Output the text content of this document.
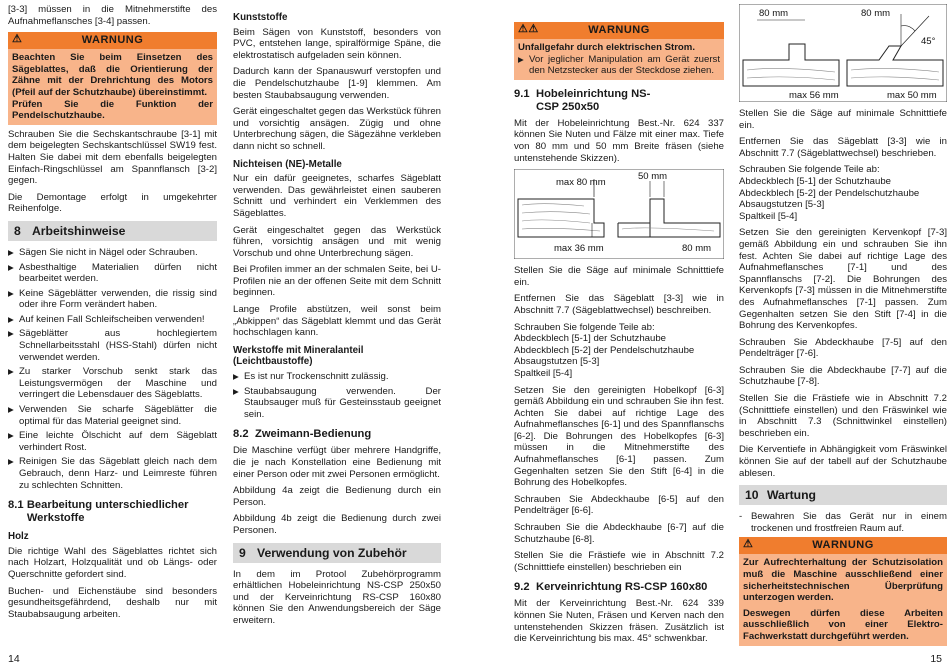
[3-3] müssen in die Mitnehmerstifte des Aufnahmeflansches [3-4] passen.

⚠	WARNUNG

Beachten Sie beim Einsetzen des Sägeblattes, daß die Orientierung der Zähne mit der Drehrichtung des Motors (Pfeil auf der Schutzhaube) übereinstimmt.

Prüfen Sie die Funktion der Pendelschutzhaube.

Schrauben Sie die Sechskantschraube [3-1] mit dem beigelegten Sechskantschlüssel SW19 fest. Halten Sie dabei mit dem ebenfalls beigelegten Einfach-Ringschlüssel am Spannflansch [3-2] gegen.

Die Demontage erfolgt in umgekehrter Reihenfolge.

8 Arbeitshinweise
▶ Sägen Sie nicht in Nägel oder Schrauben.
▶ Asbesthaltige Materialien dürfen nicht bearbeitet werden.
▶ Keine Sägeblätter verwenden, die rissig sind oder ihre Form verändert haben.
▶ Auf keinen Fall Schleifscheiben verwenden!
▶ Sägeblätter aus hochlegiertem Schnellarbeitsstahl (HSS-Stahl) dürfen nicht verwendet werden.
▶ Zu starker Vorschub senkt stark das Leistungsvermögen der Maschine und verringert die Lebensdauer des Sägeblatts.
▶ Verwenden Sie scharfe Sägeblätter die optimal für das Material geeignet sind.
▶ Eine leichte Ölschicht auf dem Sägeblatt verhindert Rost.
▶ Reinigen Sie das Sägeblatt gleich nach dem Gebrauch, denn Harz- und Leimreste führen zu schlechten Schnitten.
8.1 Bearbeitung unterschiedlicher Werkstoffe
Holz

Die richtige Wahl des Sägeblattes richtet sich nach Holzart, Holzqualität und ob Längs- oder Querschnitte gefordert sind.

Buchen- und Eichenstäube sind besonders gesundheitsgefährdend, deshalb nur mit Staubabsaugung arbeiten.

Kunststoffe

Beim Sägen von Kunststoff, besonders von PVC, entstehen lange, spiralförmige Späne, die elektrostatisch aufgeladen sein können.

Dadurch kann der Spanauswurf verstopfen und die Pendelschutzhaube [1-9] klemmen. Am besten Staubabsaugung verwenden.

Gerät eingeschaltet gegen das Werkstück führen und vorsichtig ansägen. Zügig und ohne Unterbrechung sägen, die Sägezähne verkleben dann nicht so schnell.

Nichteisen (NE)-Metalle

Nur ein dafür geeignetes, scharfes Sägeblatt verwenden. Das gewährleistet einen sauberen Schnitt und verhindert ein Verklemmen des Sägeblattes.

Gerät eingeschaltet gegen das Werkstück führen, vorsichtig ansägen und mit wenig Vorschub und ohne Unterbrechung sägen.

Bei Profilen immer an der schmalen Seite, bei U-Profilen nie an der offenen Seite mit dem Schnitt beginnen.

Lange Profile abstützen, weil sonst beim „Abkippen“ das Sägeblatt klemmt und das Gerät hochschlagen kann.

Werkstoffe mit Mineralanteil (Leichtbaustoffe)
▶ Es ist nur Trockenschnitt zulässig.
▶ Staubabsaugung verwenden. Der Staubsauger muß für Gesteinsstaub geeignet sein.
8.2 Zweimann-Bedienung

Die Maschine verfügt über mehrere Handgriffe, die je nach Konstellation eine Bedienung mit einer Person oder mit zwei Personen ermöglicht.

Abbildung 4a zeigt die Bedienung durch ein Person.

Abbildung 4b zeigt die Bedienung durch zwei Personen.

9 Verwendung von Zubehör

In dem im Protool Zubehörprogramm erhältlichen Hobeleinrichtung NS-CSP 250x50 und der Kerveinrichtung RS-CSP 160x80 können Sie den Anwendungsbereich der Säge erweitern.

⚠⚠	WARNUNG

Unfallgefahr durch elektrischen Strom.

▶ Vor jeglicher Manipulation am Gerät zuerst den Netzstecker aus der Steckdose ziehen.

9.1 Hobeleinrichtung NS-CSP 250x50

Mit der Hobeleinrichtung Best.-Nr. 624 337 können Sie Nuten und Fälze mit einer max. Tiefe von 80 mm und 50 mm Breite fräsen (siehe untenstehende Skizzen).

max 80 mm
max 36 mm
50 mm
80 mm

Stellen Sie die Säge auf minimale Schnitttiefe ein.

Entfernen Sie das Sägeblatt [3-3] wie in Abschnitt 7.7 (Sägeblattwechsel) beschreiben.

Schrauben Sie folgende Teile ab:

Abdeckblech [5-1] der Schutzhaube

Abdeckblech [5-2] der Pendelschutzhaube

Absaugstutzen [5-3]

Spaltkeil [5-4]

Setzen Sie den gereinigten Hobelkopf [6-3] gemäß Abbildung ein und schrauben Sie ihn fest. Achten Sie dabei auf richtige Lage des Aufnahmeflansches [6-1] und des Spannflanschs [6-2]. Die Bohrungen des Hobelkopfes [6-3] müssen in die Mitnehmerstifte des Aufnahmeflansches [6-1] passen. Zum Gegenhalten setzen Sie den Stift [6-4] in die Bohrung des Hobelkopfes.

Schrauben Sie Abdeckhaube [6-5] auf den Pendelträger [6-6].

Schrauben Sie die Abdeckhaube [6-7] auf die Schutzhaube [6-8].

Stellen Sie die Frästiefe wie in Abschnitt 7.2 (Schnitttiefe einstellen) beschrieben ein

9.2 Kerveinrichtung RS-CSP 160x80

Mit der Kerveinrichtung Best.-Nr. 624 339 können Sie Nuten, Fräsen und Kerven nach den untenstehenden Skizzen fräsen. Zusätzlich ist die Kerveinrichtung bis max. 45° schwenkbar.

80 mm	80 mm
45°
max 56 mm	max 50 mm

Stellen Sie die Säge auf minimale Schnitttiefe ein.

Entfernen Sie das Sägeblatt [3-3] wie in Abschnitt 7.7 (Sägeblattwechsel) beschrieben.

Schrauben Sie folgende Teile ab:

Abdeckblech [5-1] der Schutzhaube

Abdeckblech [5-2] der Pendelschutzhaube

Absaugstutzen [5-3]

Spaltkeil [5-4]

Setzen Sie den gereinigten Kervenkopf [7-3] gemäß Abbildung ein und schrauben Sie ihn fest. Achten Sie dabei auf richtige Lage des Aufnahmeflansches [7-1] und des Spannflanschs [7-2]. Die Bohrungen des Kervenkopfs [7-3] müssen in die Mitnehmerstifte des Aufnahmeflansches [7-1] passen. Zum Gegenhalten setzen Sie den Stift [7-4] in die Bohrung des Kervenkopfes.

Schrauben Sie Abdeckhaube [7-5] auf den Pendelträger [7-6].

Schrauben Sie die Abdeckhaube [7-7] auf die Schutzhaube [7-8].

Stellen Sie die Frästiefe wie in Abschnitt 7.2 (Schnitttiefe einstellen) und den Fräswinkel wie in Abschnitt 7.3 (Schnittwinkel einstellen) beschrieben ein.

Die Kerventiefe in Abhängigkeit vom Fräswinkel können Sie auf der tabell auf der Schutzhaube ablesen.

10 Wartung
- Bewahren Sie das Gerät nur in einem trockenen und frostfreien Raum auf.
⚠	WARNUNG

Zur Aufrechterhaltung der Schutzisolation muß die Maschine ausschließend einer sicherheitstechnischen Überprüfung unterzogen werden.

Deswegen dürfen diese Arbeiten ausschließlich von einer Elektro-Fachwerkstatt durchgeführt werden.

14	15
